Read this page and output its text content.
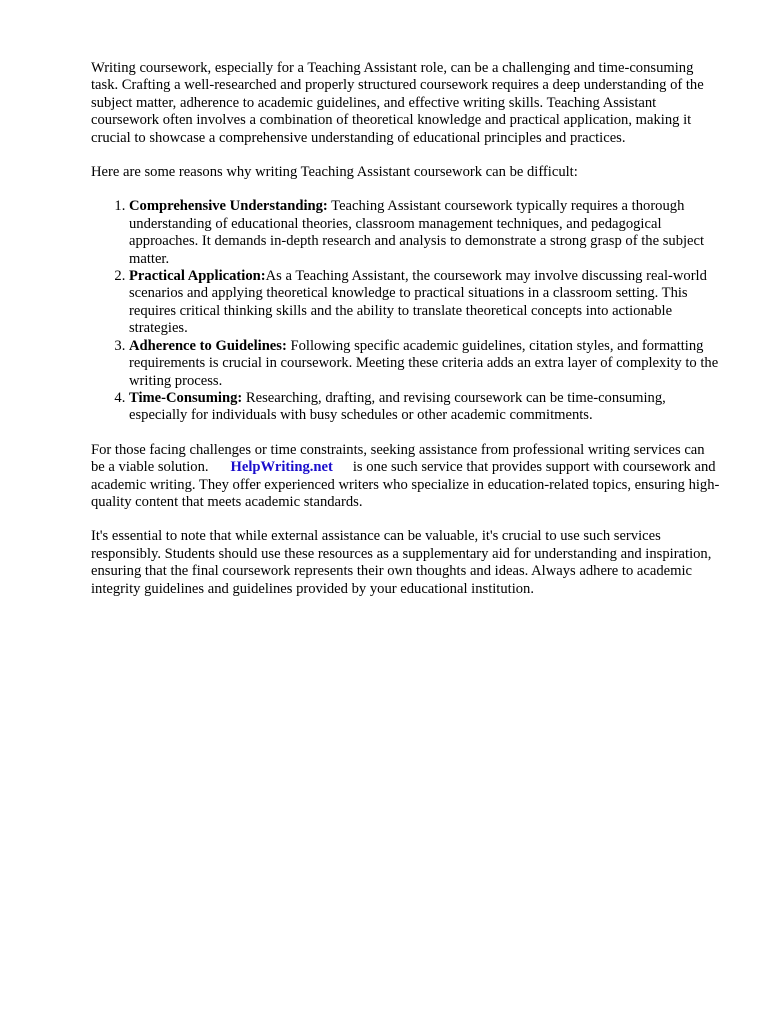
Writing coursework, especially for a Teaching Assistant role, can be a challenging and time-consuming task. Crafting a well-researched and properly structured coursework requires a deep understanding of the subject matter, adherence to academic guidelines, and effective writing skills. Teaching Assistant coursework often involves a combination of theoretical knowledge and practical application, making it crucial to showcase a comprehensive understanding of educational principles and practices.

Here are some reasons why writing Teaching Assistant coursework can be difficult:

1. Comprehensive Understanding: Teaching Assistant coursework typically requires a thorough understanding of educational theories, classroom management techniques, and pedagogical approaches. It demands in-depth research and analysis to demonstrate a strong grasp of the subject matter.
2. Practical Application:As a Teaching Assistant, the coursework may involve discussing real-world scenarios and applying theoretical knowledge to practical situations in a classroom setting. This requires critical thinking skills and the ability to translate theoretical concepts into actionable strategies.
3. Adherence to Guidelines: Following specific academic guidelines, citation styles, and formatting requirements is crucial in coursework. Meeting these criteria adds an extra layer of complexity to the writing process.
4. Time-Consuming: Researching, drafting, and revising coursework can be time-consuming, especially for individuals with busy schedules or other academic commitments.

For those facing challenges or time constraints, seeking assistance from professional writing services can be a viable solution. HelpWriting.net is one such service that provides support with coursework and academic writing. They offer experienced writers who specialize in education-related topics, ensuring high-quality content that meets academic standards.

It's essential to note that while external assistance can be valuable, it's crucial to use such services responsibly. Students should use these resources as a supplementary aid for understanding and inspiration, ensuring that the final coursework represents their own thoughts and ideas. Always adhere to academic integrity guidelines and guidelines provided by your educational institution.
